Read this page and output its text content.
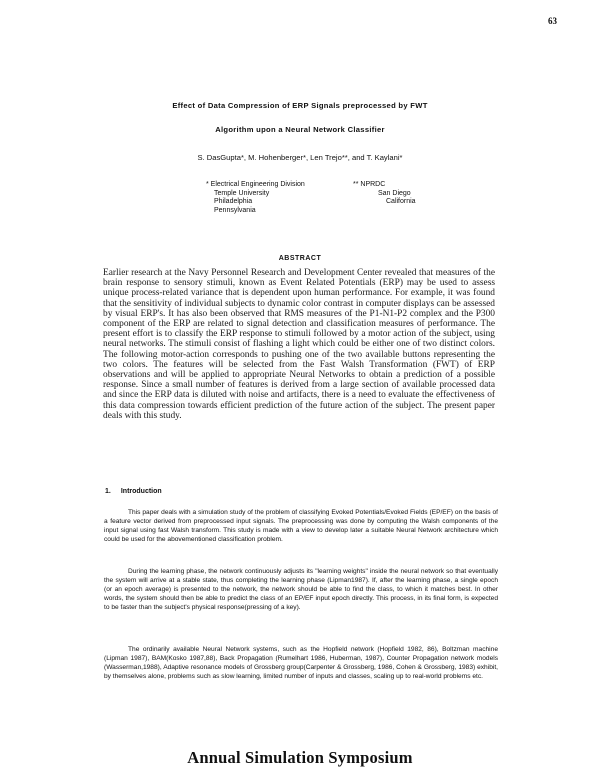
63
Effect of Data Compression of ERP Signals preprocessed by FWT
Algorithm upon a Neural Network Classifier
S. DasGupta*, M. Hohenberger*, Len Trejo**, and T. Kaylani*
* Electrical Engineering Division
Temple University
Philadelphia
Pennsylvania
** NPRDC
San Diego
California
ABSTRACT
Earlier research at the Navy Personnel Research and Development Center revealed that measures of the brain response to sensory stimuli, known as Event Related Potentials (ERP) may be used to assess unique process-related variance that is dependent upon human performance. For example, it was found that the sensitivity of individual subjects to dynamic color contrast in computer displays can be assessed by visual ERP's. It has also been observed that RMS measures of the P1-N1-P2 complex and the P300 component of the ERP are related to signal detection and classification measures of performance. The present effort is to classify the ERP response to stimuli followed by a motor action of the subject, using neural networks. The stimuli consist of flashing a light which could be either one of two distinct colors. The following motor-action corresponds to pushing one of the two available buttons representing the two colors. The features will be selected from the Fast Walsh Transformation (FWT) of ERP observations and will be applied to appropriate Neural Networks to obtain a prediction of a possible response. Since a small number of features is derived from a large section of available processed data and since the ERP data is diluted with noise and artifacts, there is a need to evaluate the effectiveness of this data compression towards efficient prediction of the future action of the subject. The present paper deals with this study.
1. Introduction
This paper deals with a simulation study of the problem of classifying Evoked Potentials/Evoked Fields (EP/EF) on the basis of a feature vector derived from preprocessed input signals. The preprocessing was done by computing the Walsh components of the input signal using fast Walsh transform. This study is made with a view to develop later a suitable Neural Network architecture which could be used for the abovementioned classification problem.
During the learning phase, the network continuously adjusts its "learning weights" inside the neural network so that eventually the system will arrive at a stable state, thus completing the learning phase (Lipman1987). If, after the learning phase, a single epoch (or an epoch average) is presented to the network, the network should be able to find the class, to which it matches best. In other words, the system should then be able to predict the class of an EP/EF input epoch directly. This process, in its final form, is expected to be faster than the subject's physical response(pressing of a key).
The ordinarily available Neural Network systems, such as the Hopfield network (Hopfield 1982, 86), Boltzman machine (Lipman 1987), BAM(Kosko 1987,88), Back Propagation (Rumelhart 1986, Huberman, 1987), Counter Propagation network models (Wasserman,1988), Adaptive resonance models of Grossberg group(Carpenter & Grossberg, 1986, Cohen & Grossberg, 1983) exhibit, by themselves alone, problems such as slow learning, limited number of inputs and classes, scaling up to real-world problems etc.
Annual Simulation Symposium
